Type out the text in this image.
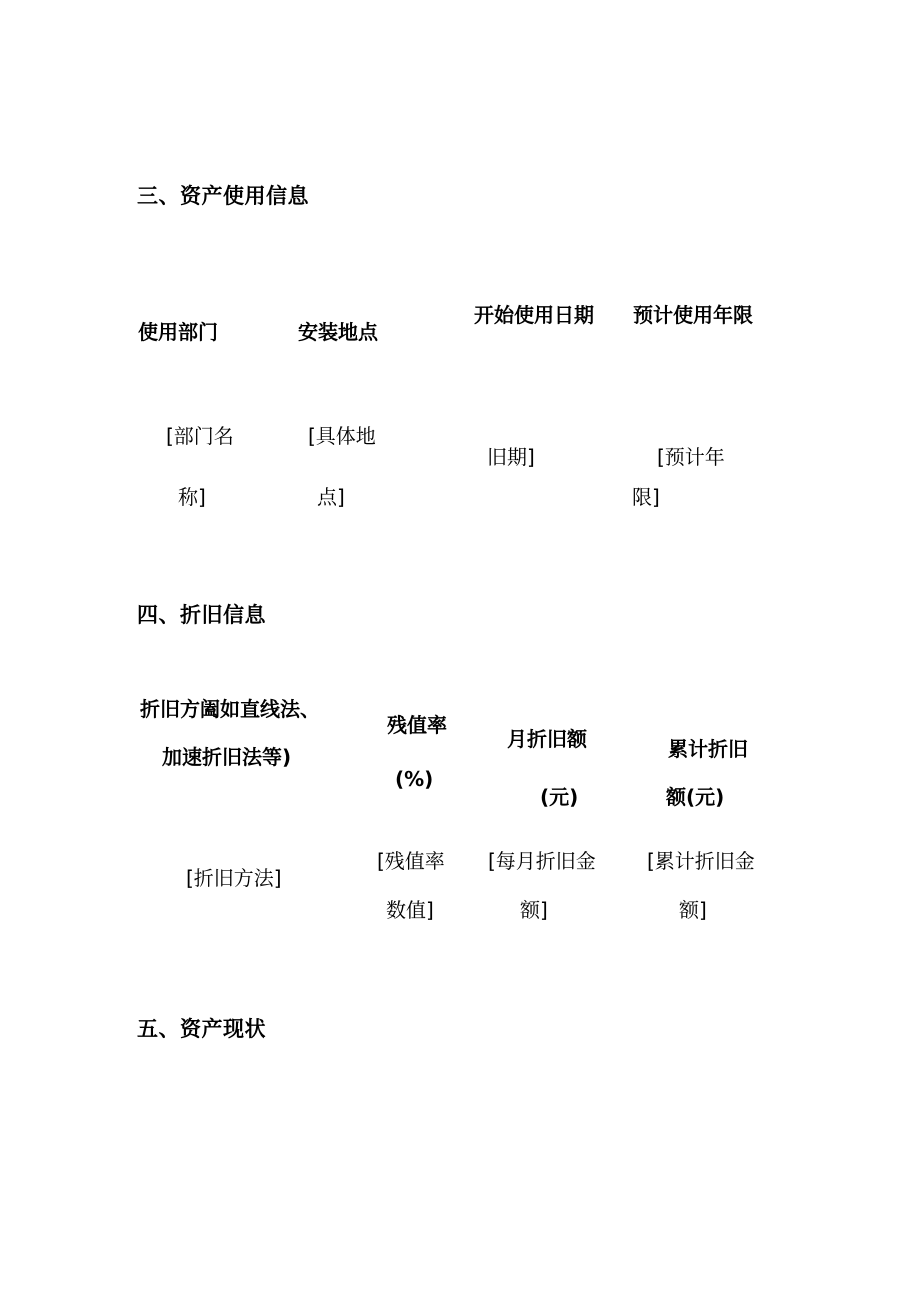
三、资产使用信息
使用部门	安装地点
开始使用日期 预计使用年限
[部门名
称]
[具体地
点]
旧期]	[预计年
限]
四、折旧信息
折旧方阖如直线法、
加速折旧法等)
残值率
(%)
月折旧额
(元)
累计折旧
额(元)
[折旧方法]
[残值率
数值]
[每月折旧金
额]
[累计折旧金
额]
五、资产现状
